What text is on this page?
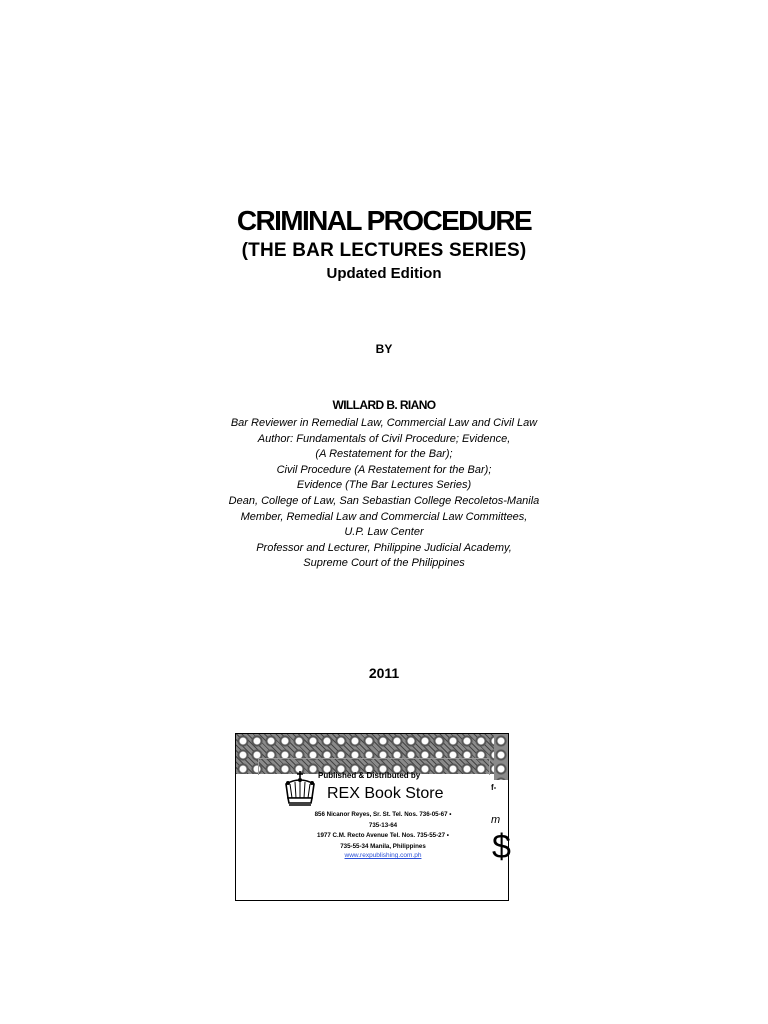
CRIMINAL PROCEDURE
(THE BAR LECTURES SERIES)
Updated Edition
BY
WILLARD B. RIANO
Bar Reviewer in Remedial Law, Commercial Law and Civil Law
Author: Fundamentals of Civil Procedure; Evidence,
(A Restatement for the Bar);
Civil Procedure (A Restatement for the Bar);
Evidence (The Bar Lectures Series)
Dean, College of Law, San Sebastian College Recoletos-Manila
Member, Remedial Law and Commercial Law Committees,
U.P. Law Center
Professor and Lecturer, Philippine Judicial Academy,
Supreme Court of the Philippines
2011
Published & Distributed by
REX Book Store
856 Nicanor Reyes, Sr. St. Tel. Nos. 736-05-67 •
735-13-64
1977 C.M. Recto Avenue Tel. Nos. 735-55-27 •
735-55-34 Manila, Philippines
www.rexpublishing.com.ph
f-
m
$
